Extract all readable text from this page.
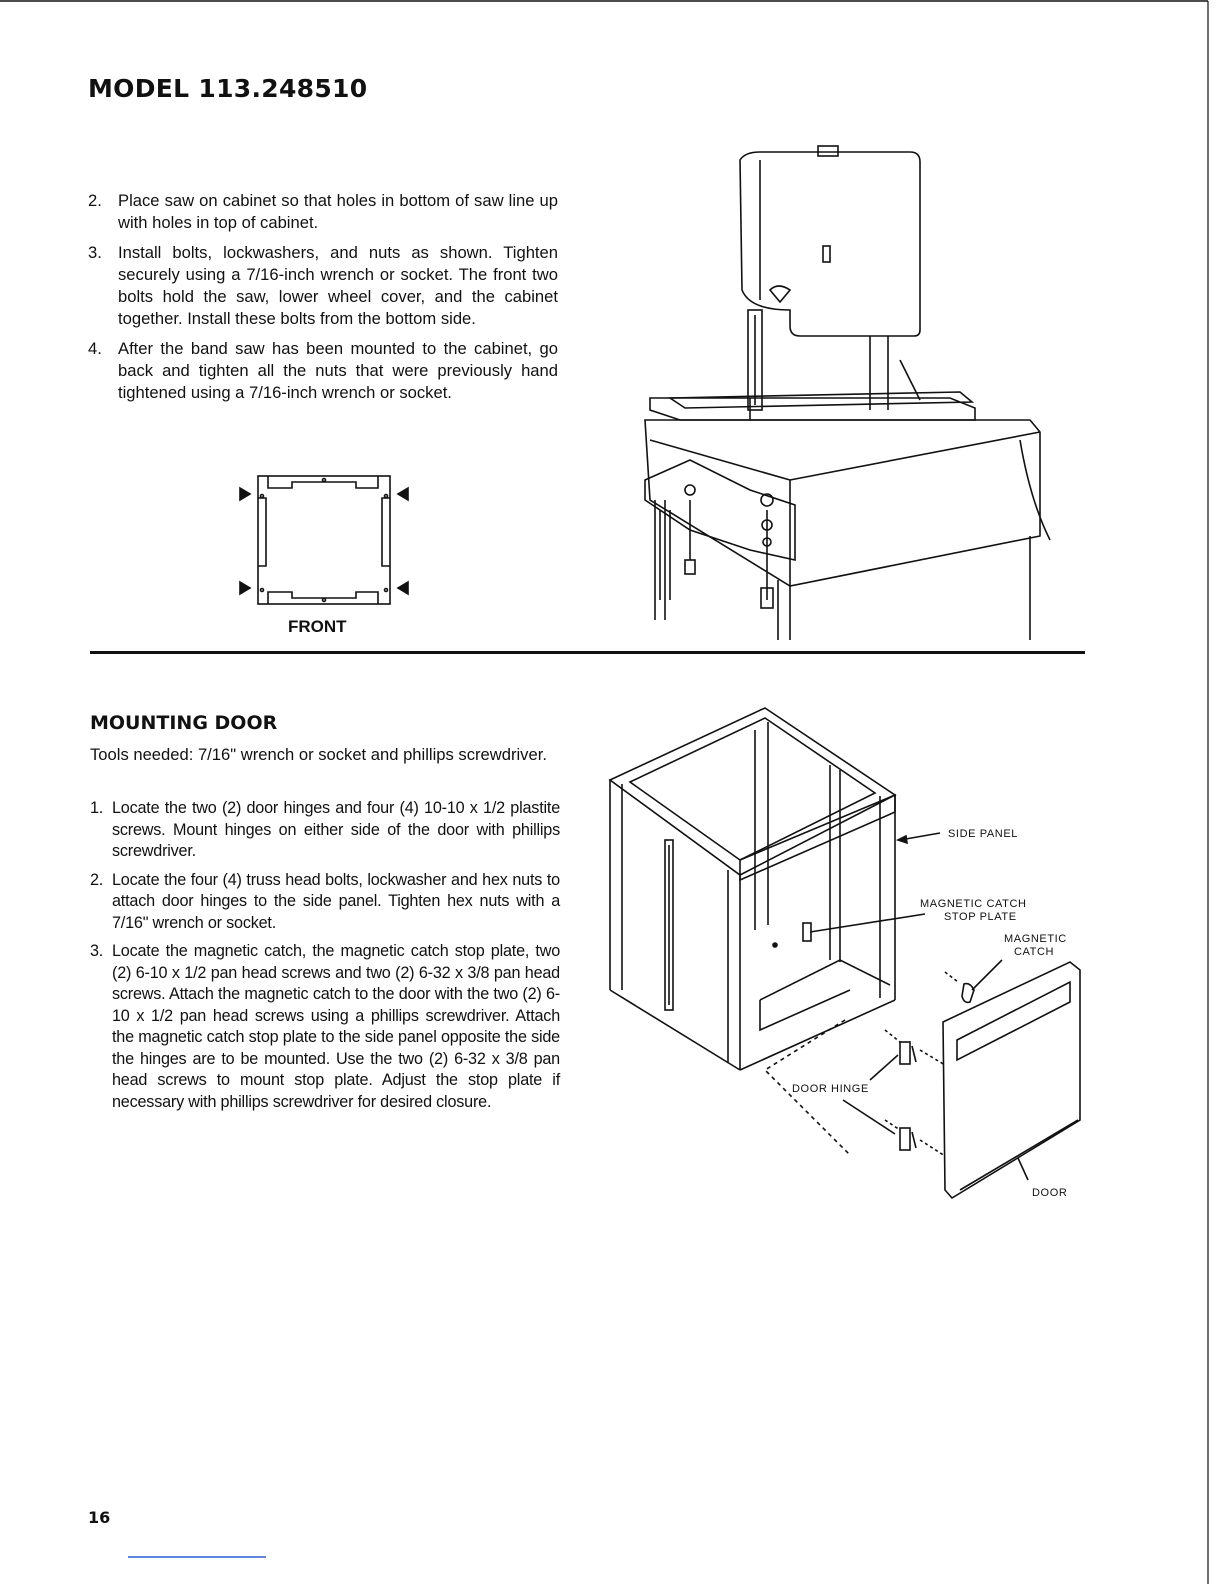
MODEL 113.248510
2. Place saw on cabinet so that holes in bottom of saw line up with holes in top of cabinet.
3. Install bolts, lockwashers, and nuts as shown. Tighten securely using a 7/16-inch wrench or socket. The front two bolts hold the saw, lower wheel cover, and the cabinet together. Install these bolts from the bottom side.
4. After the band saw has been mounted to the cabinet, go back and tighten all the nuts that were previously hand tightened using a 7/16-inch wrench or socket.
FRONT
MOUNTING DOOR

Tools needed: 7/16" wrench or socket and phillips screwdriver.

1. Locate the two (2) door hinges and four (4) 10-10 x 1/2 plastite screws. Mount hinges on either side of the door with phillips screwdriver.
2. Locate the four (4) truss head bolts, lockwasher and hex nuts to attach door hinges to the side panel. Tighten hex nuts with a 7/16" wrench or socket.
3. Locate the magnetic catch, the magnetic catch stop plate, two (2) 6-10 x 1/2 pan head screws and two (2) 6-32 x 3/8 pan head screws. Attach the magnetic catch to the door with the two (2) 6-10 x 1/2 pan head screws using a phillips screwdriver. Attach the magnetic catch stop plate to the side panel opposite the side the hinges are to be mounted. Use the two (2) 6-32 x 3/8 pan head screws to mount stop plate. Adjust the stop plate if necessary with phillips screwdriver for desired closure.
SIDE PANEL
MAGNETIC CATCH
STOP PLATE
MAGNETIC
CATCH
DOOR HINGE
DOOR
16
